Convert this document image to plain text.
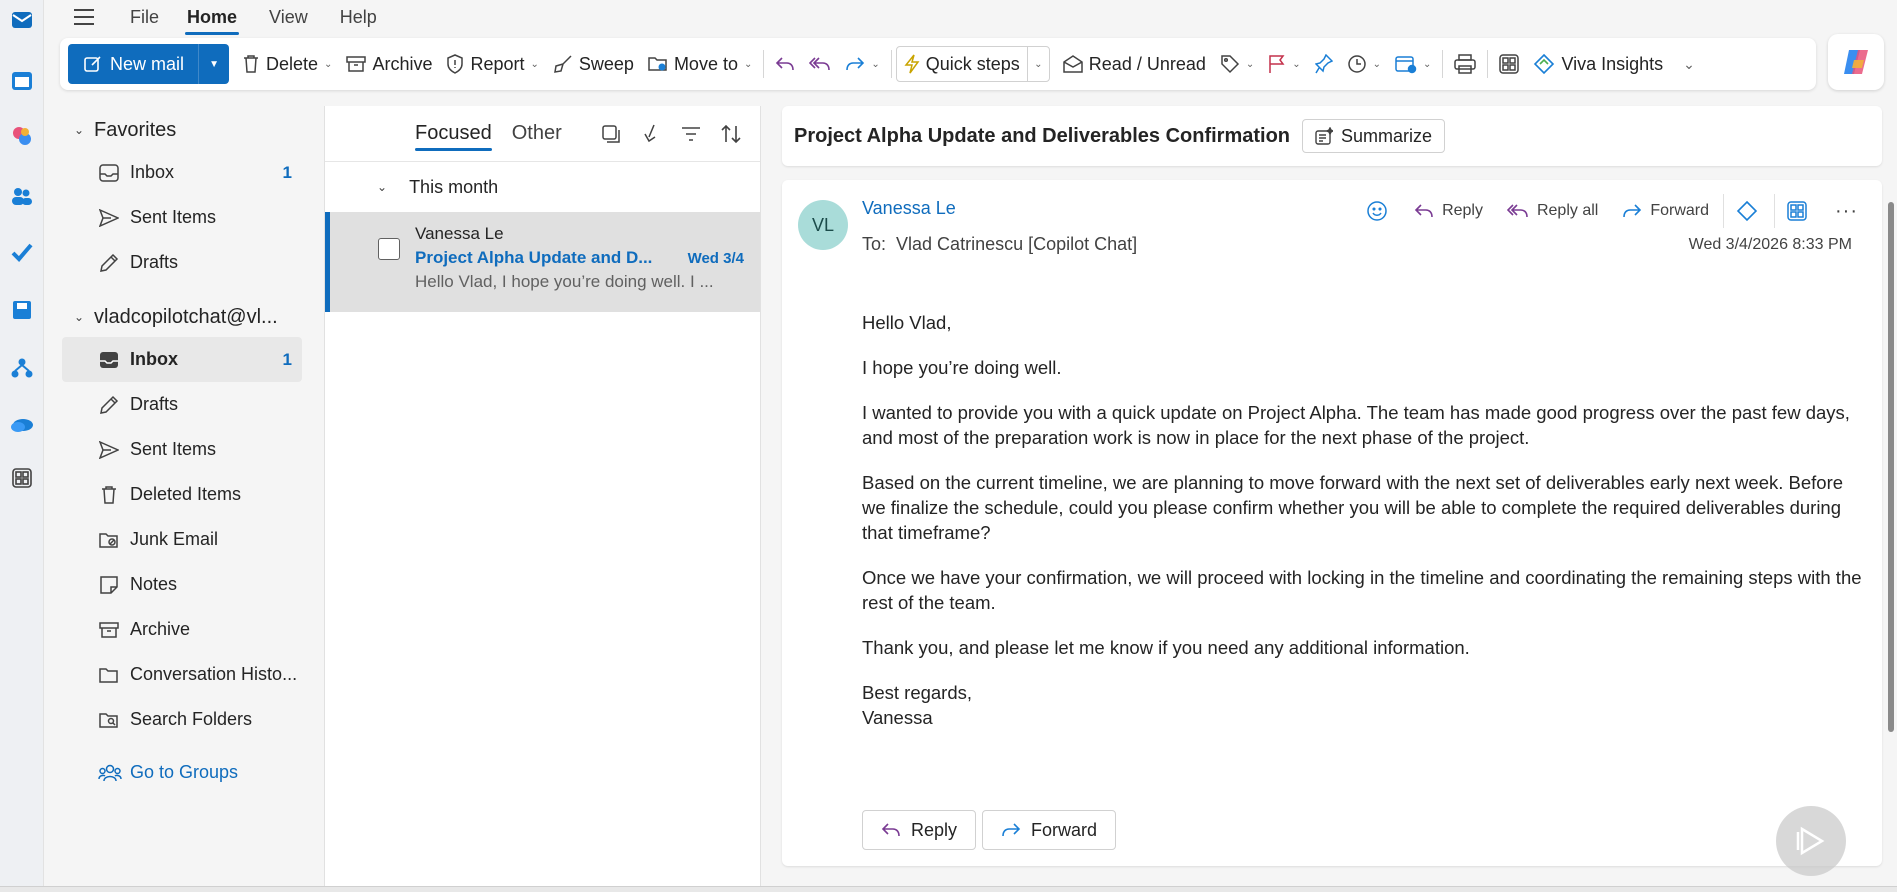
File Home View Help
New mail	▼	Delete ⌄ Archive Report ⌄ Sweep Move to ⌄	⌄	Quick steps ⌄	Read / Unread	⌄	⌄	⌄	⌄	Viva Insights ⌄
⌄ Favorites
Inbox	1
Sent Items
Drafts
⌄ vladcopilotchat@vl...
Inbox	1
Drafts
Sent Items
Deleted Items
Junk Email
Notes
Archive
Conversation Histo...
Search Folders
Go to Groups
Focused Other
⌄ This month
Vanessa Le
Project Alpha Update and D...	Wed 3/4
Hello Vlad, I hope you’re doing well. I ...
Project Alpha Update and Deliverables Confirmation	Summarize
VL
Vanessa Le
To: Vlad Catrinescu [Copilot Chat]
Reply	Reply all	Forward	···
Wed 3/4/2026 8:33 PM

Hello Vlad,

I hope you’re doing well.

I wanted to provide you with a quick update on Project Alpha. The team has made good progress over the past few days, and most of the preparation work is now in place for the next phase of the project.

Based on the current timeline, we are planning to move forward with the next set of deliverables early next week. Before we finalize the schedule, could you please confirm whether you will be able to complete the required deliverables during that timeframe?

Once we have your confirmation, we will proceed with locking in the timeline and coordinating the remaining steps with the rest of the team.

Thank you, and please let me know if you need any additional information.

Best regards,
Vanessa
Reply	Forward
